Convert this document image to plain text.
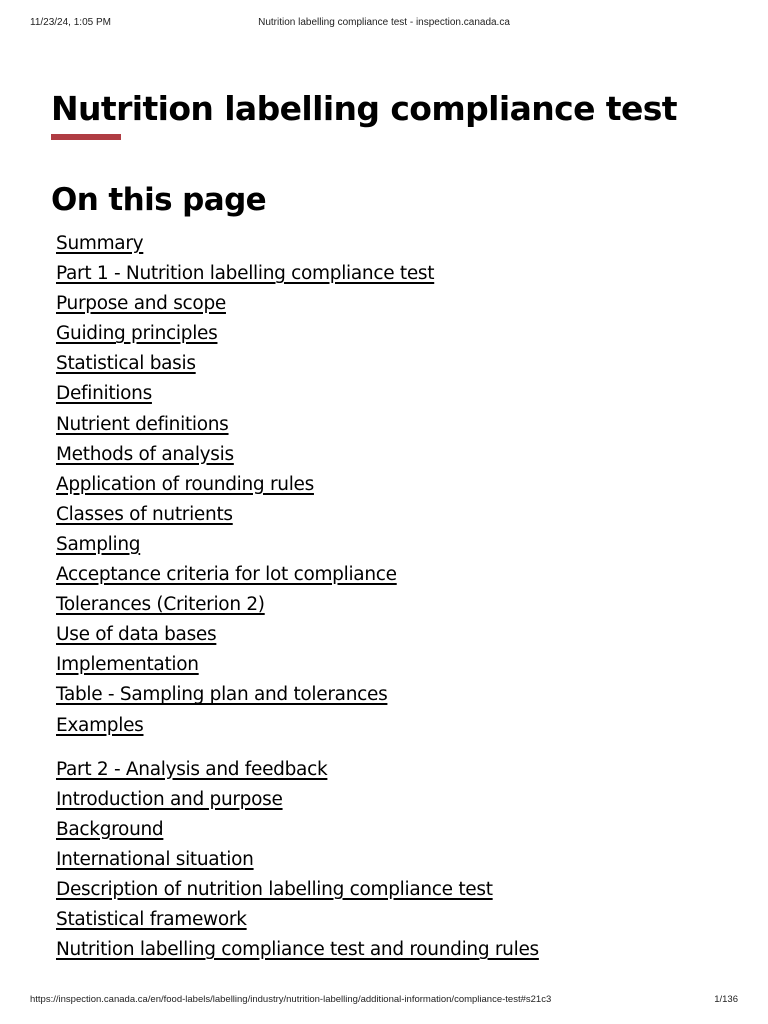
11/23/24, 1:05 PM	Nutrition labelling compliance test - inspection.canada.ca
Nutrition labelling compliance test
On this page
Summary
Part 1 - Nutrition labelling compliance test
Purpose and scope
Guiding principles
Statistical basis
Definitions
Nutrient definitions
Methods of analysis
Application of rounding rules
Classes of nutrients
Sampling
Acceptance criteria for lot compliance
Tolerances (Criterion 2)
Use of data bases
Implementation
Table - Sampling plan and tolerances
Examples
Part 2 - Analysis and feedback
Introduction and purpose
Background
International situation
Description of nutrition labelling compliance test
Statistical framework
Nutrition labelling compliance test and rounding rules
https://inspection.canada.ca/en/food-labels/labelling/industry/nutrition-labelling/additional-information/compliance-test#s21c3	1/136
